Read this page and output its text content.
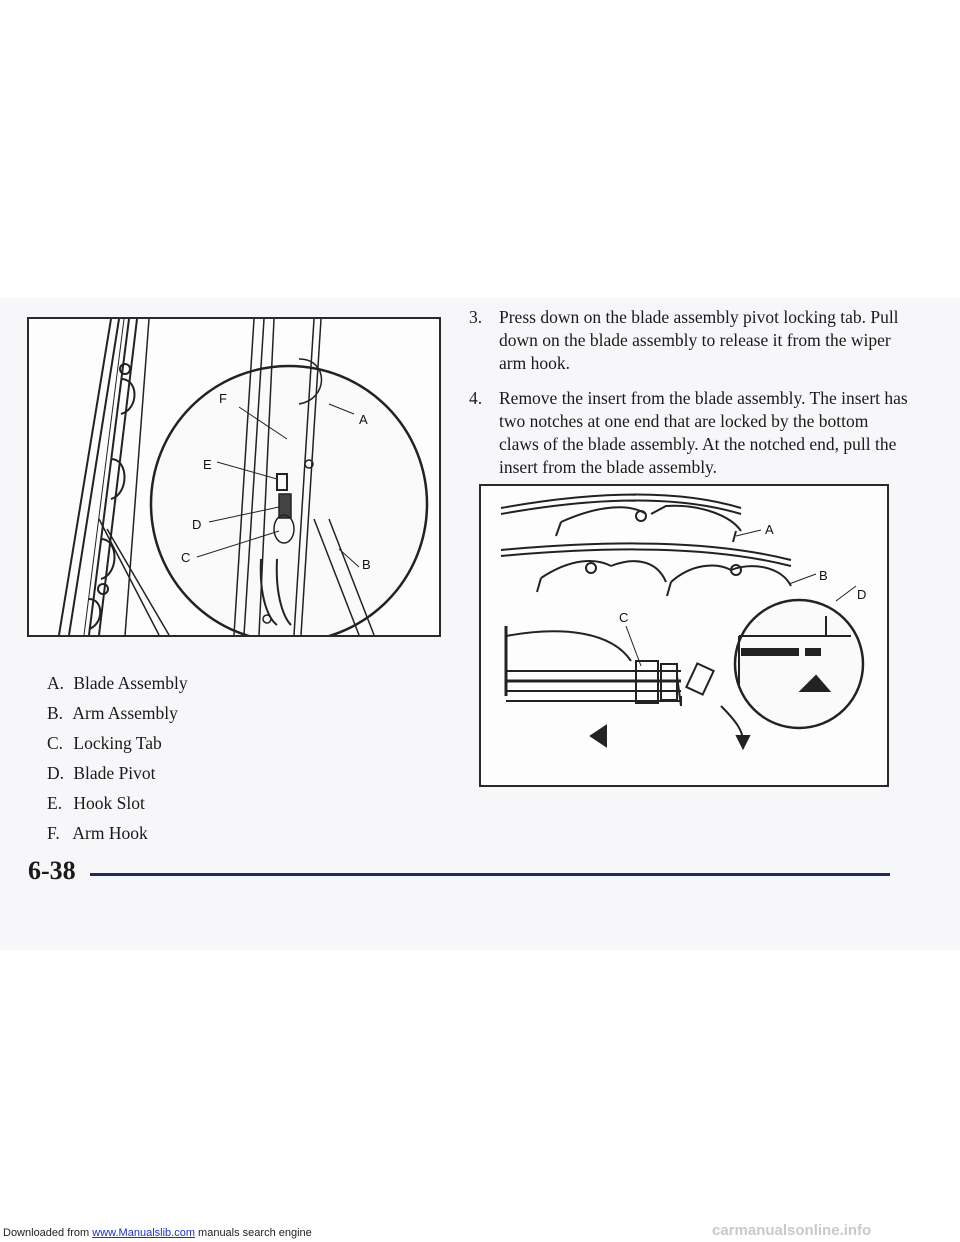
F
E
D
C
A
B
A. Blade Assembly
B. Arm Assembly
C. Locking Tab
D. Blade Pivot
E. Hook Slot
F. Arm Hook
3. Press down on the blade assembly pivot locking tab. Pull down on the blade assembly to release it from the wiper arm hook.
4. Remove the insert from the blade assembly. The insert has two notches at one end that are locked by the bottom claws of the blade assembly. At the notched end, pull the insert from the blade assembly.
A
B
D
C
6-38
Downloaded from www.Manualslib.com manuals search engine	carmanualsonline.info
